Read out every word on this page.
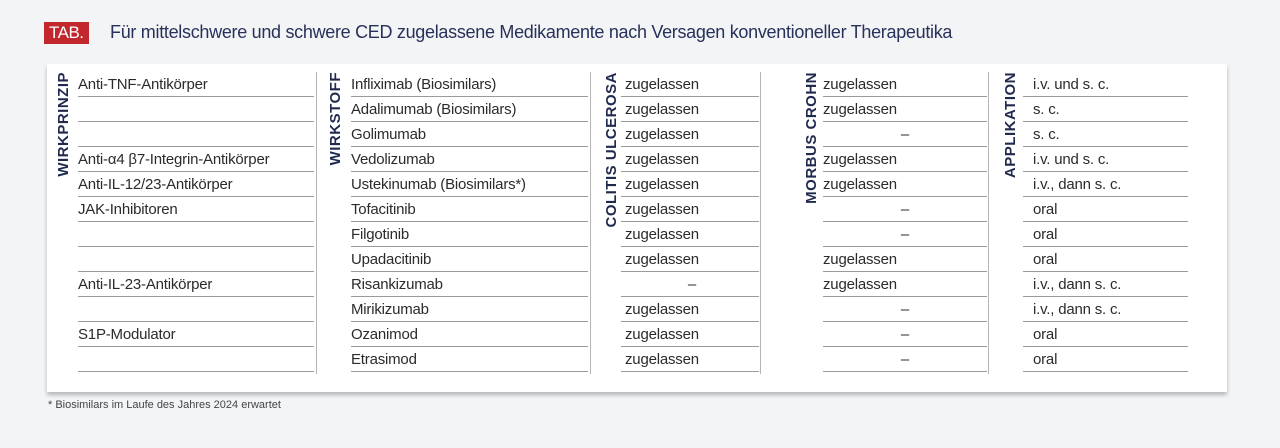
TAB. Für mittelschwere und schwere CED zugelassene Medikamente nach Versagen konventioneller Therapeutika
WIRKPRINZIP Anti-TNF-Antikörper
Anti-α4 β7-Integrin-Antikörper
Anti-IL-12/23-Antikörper
JAK-Inhibitoren
Anti-IL-23-Antikörper
S1P-Modulator
WIRKSTOFF Infliximab (Biosimilars)
Adalimumab (Biosimilars)
Golimumab
Vedolizumab
Ustekinumab (Biosimilars*)
Tofacitinib
Filgotinib
Upadacitinib
Risankizumab
Mirikizumab
Ozanimod
Etrasimod
COLITIS ULCEROSA zugelassen
zugelassen
zugelassen
zugelassen
zugelassen
zugelassen
zugelassen
zugelassen
–
zugelassen
zugelassen
zugelassen
MORBUS CROHN zugelassen
zugelassen
–
zugelassen
zugelassen
–
–
zugelassen
zugelassen
–
–
–
APPLIKATION i.v. und s. c.
s. c.
s. c.
i.v. und s. c.
i.v., dann s. c.
oral
oral
oral
i.v., dann s. c.
i.v., dann s. c.
oral
oral
* Biosimilars im Laufe des Jahres 2024 erwartet
